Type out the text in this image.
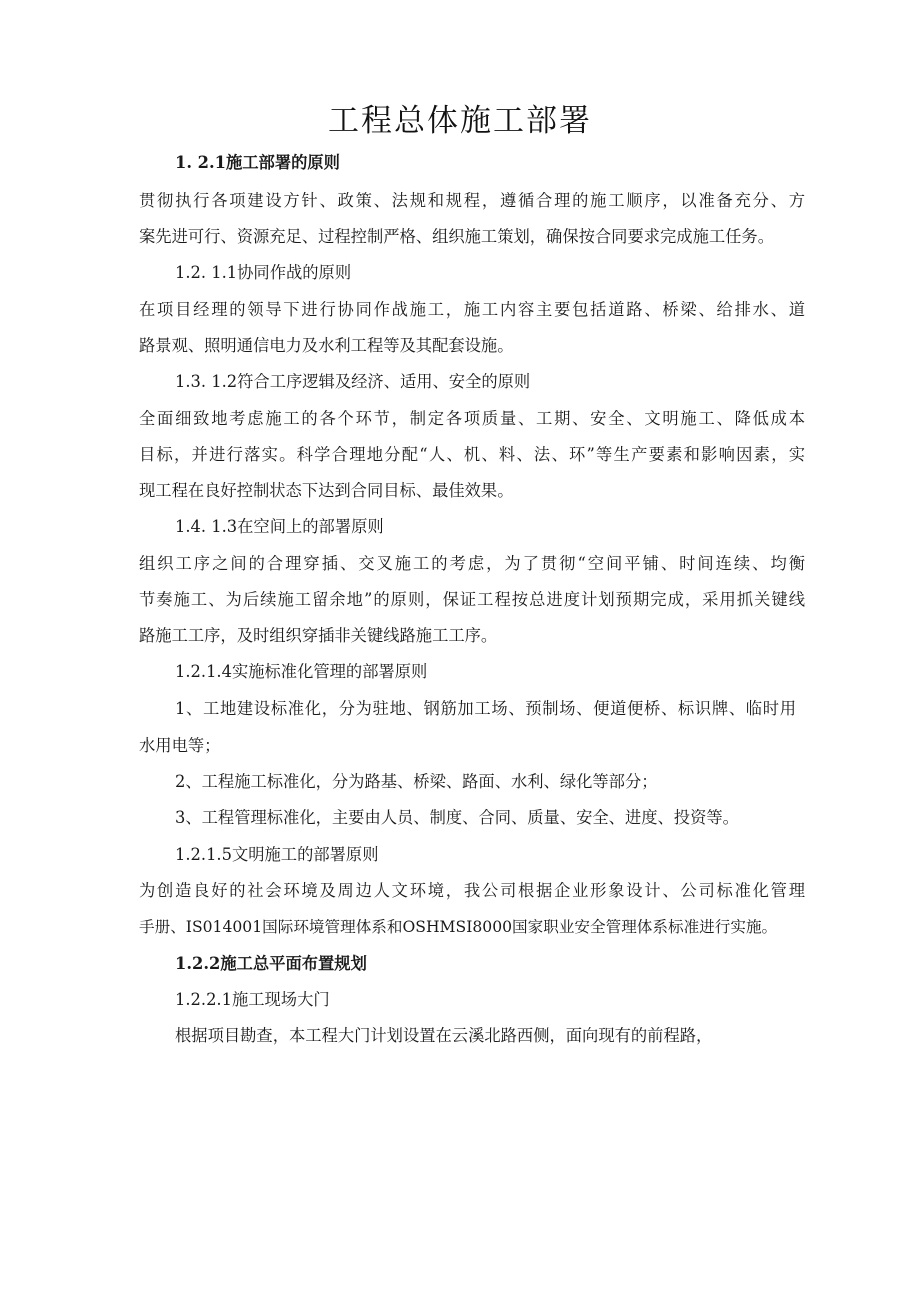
工程总体施工部署
1. 2.1施工部署的原则
贯彻执行各项建设方针、政策、法规和规程，遵循合理的施工顺序，以准备充分、方
案先进可行、资源充足、过程控制严格、组织施工策划，确保按合同要求完成施工任务。
1.2. 1.1协同作战的原则
在项目经理的领导下进行协同作战施工，施工内容主要包括道路、桥梁、给排水、道
路景观、照明通信电力及水利工程等及其配套设施。
1.3. 1.2符合工序逻辑及经济、适用、安全的原则
全面细致地考虑施工的各个环节，制定各项质量、工期、安全、文明施工、降低成本
目标，并进行落实。科学合理地分配“人、机、料、法、环”等生产要素和影响因素，实
现工程在良好控制状态下达到合同目标、最佳效果。
1.4. 1.3在空间上的部署原则
组织工序之间的合理穿插、交叉施工的考虑，为了贯彻“空间平铺、时间连续、均衡
节奏施工、为后续施工留余地”的原则，保证工程按总进度计划预期完成，采用抓关键线
路施工工序，及时组织穿插非关键线路施工工序。
1.2.1.4实施标准化管理的部署原则
1、工地建设标准化，分为驻地、钢筋加工场、预制场、便道便桥、标识牌、临时用
水用电等；
2、工程施工标准化，分为路基、桥梁、路面、水利、绿化等部分；
3、工程管理标准化，主要由人员、制度、合同、质量、安全、进度、投资等。
1.2.1.5文明施工的部署原则
为创造良好的社会环境及周边人文环境，我公司根据企业形象设计、公司标准化管理
手册、IS014001国际环境管理体系和OSHMSI8000国家职业安全管理体系标准进行实施。
1.2.2施工总平面布置规划
1.2.2.1施工现场大门
根据项目勘查，本工程大门计划设置在云溪北路西侧，面向现有的前程路，
